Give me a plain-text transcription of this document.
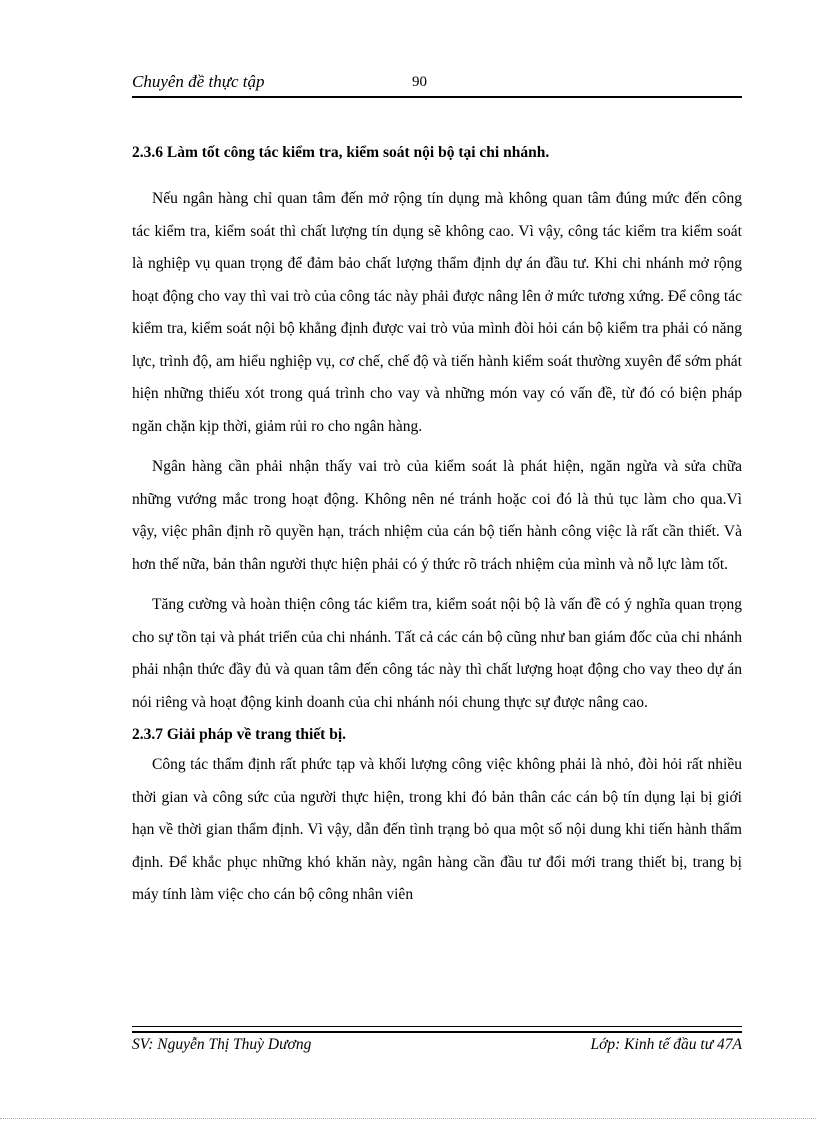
Chuyên đề thực tập	90
2.3.6 Làm tốt công tác kiểm tra, kiểm soát nội bộ tại chi nhánh.

Nếu ngân hàng chỉ quan tâm đến mở rộng tín dụng mà không quan tâm đúng mức đến công tác kiểm tra, kiểm soát thì chất lượng tín dụng sẽ không cao. Vì vậy, công tác kiểm tra kiểm soát là nghiệp vụ quan trọng để đảm bảo chất lượng thẩm định dự án đầu tư. Khi chi nhánh mở rộng hoạt động cho vay thì vai trò của công tác này phải được nâng lên ở mức tương xứng. Để công tác kiểm tra, kiểm soát nội bộ khẳng định được vai trò vủa mình đòi hỏi cán bộ kiểm tra phải có năng lực, trình độ, am hiểu nghiệp vụ, cơ chế, chế độ và tiến hành kiểm soát thường xuyên để sớm phát hiện những thiếu xót trong quá trình cho vay và những món vay có vấn đề, từ đó có biện pháp ngăn chặn kịp thời, giảm rủi ro cho ngân hàng.

Ngân hàng cần phải nhận thấy vai trò của kiểm soát là phát hiện, ngăn ngừa và sửa chữa những vướng mắc trong hoạt động. Không nên né tránh hoặc coi đó là thủ tục làm cho qua.Vì vậy, việc phân định rõ quyền hạn, trách nhiệm của cán bộ tiến hành công việc là rất cần thiết. Và hơn thế nữa, bản thân người thực hiện phải có ý thức rõ trách nhiệm của mình và nỗ lực làm tốt.

Tăng cường và hoàn thiện công tác kiểm tra, kiểm soát nội bộ là vấn đề có ý nghĩa quan trọng cho sự tồn tại và phát triển của chi nhánh. Tất cả các cán bộ cũng như ban giám đốc của chi nhánh phải nhận thức đầy đủ và quan tâm đến công tác này thì chất lượng hoạt động cho vay theo dự án nói riêng và hoạt động kinh doanh của chi nhánh nói chung thực sự được nâng cao.

2.3.7 Giải pháp về trang thiết bị.

Công tác thẩm định rất phức tạp và khối lượng công việc không phải là nhỏ, đòi hỏi rất nhiều thời gian và công sức của người thực hiện, trong khi đó bản thân các cán bộ tín dụng lại bị giới hạn về thời gian thẩm định. Vì vậy, dẫn đến tình trạng bỏ qua một số nội dung khi tiến hành thẩm định. Để khắc phục những khó khăn này, ngân hàng cần đầu tư đổi mới trang thiết bị, trang bị máy tính làm việc cho cán bộ công nhân viên

SV: Nguyễn Thị Thuỳ Dương	Lớp: Kinh tế đầu tư 47A
